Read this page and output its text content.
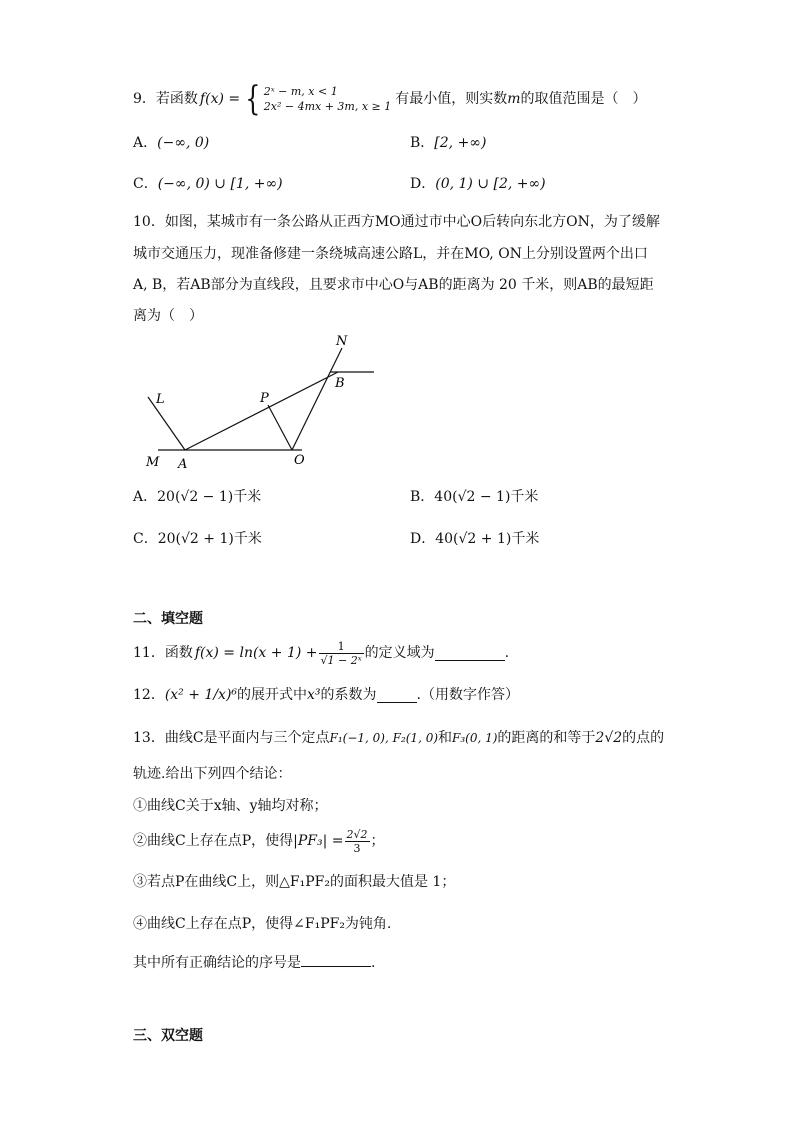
9． 若函数 f(x) = { 2ˣ − m, x < 1
2x² − 4mx + 3m, x ≥ 1 有最小值，则实数 m 的取值范围是（　）
A．(−∞, 0)	B．[2, +∞)
C．(−∞, 0) ∪ [1, +∞)	D．(0, 1) ∪ [2, +∞)
10．如图，某城市有一条公路从正西方MO通过市中心O后转向东北方ON，为了缓解
城市交通压力，现准备修建一条绕城高速公路L，并在MO, ON上分别设置两个出口
A, B，若AB部分为直线段，且要求市中心O与AB的距离为 20 千米，则AB的最短距
离为（　）
N
B
L	P
M A	O
A．20(√2 − 1)千米	B．40(√2 − 1)千米
C．20(√2 + 1)千米	D．40(√2 + 1)千米
二、填空题
11．函数 $f(x) = \ln(x + 1) + \frac{1}{\text{√1 − 2ˣ}}$ 的定义域为	.
12． (x² + 1/x)⁶ 的展开式中 x³ 的系数为	.（用数字作答）
13．曲线C是平面内与三个定点F₁(−1, 0), F₂(1, 0)和F₃(0, 1)的距离的和等于2√2的点的
轨迹.给出下列四个结论：
①曲线C关于x轴、y轴均对称；
②曲线C上存在点P，使得 $|PF_3| = \frac{2√2}{3}$ ；
③若点P在曲线C上，则△F₁PF₂的面积最大值是 1；
④曲线C上存在点P，使得∠F₁PF₂为钝角.
其中所有正确结论的序号是	.
三、双空题
